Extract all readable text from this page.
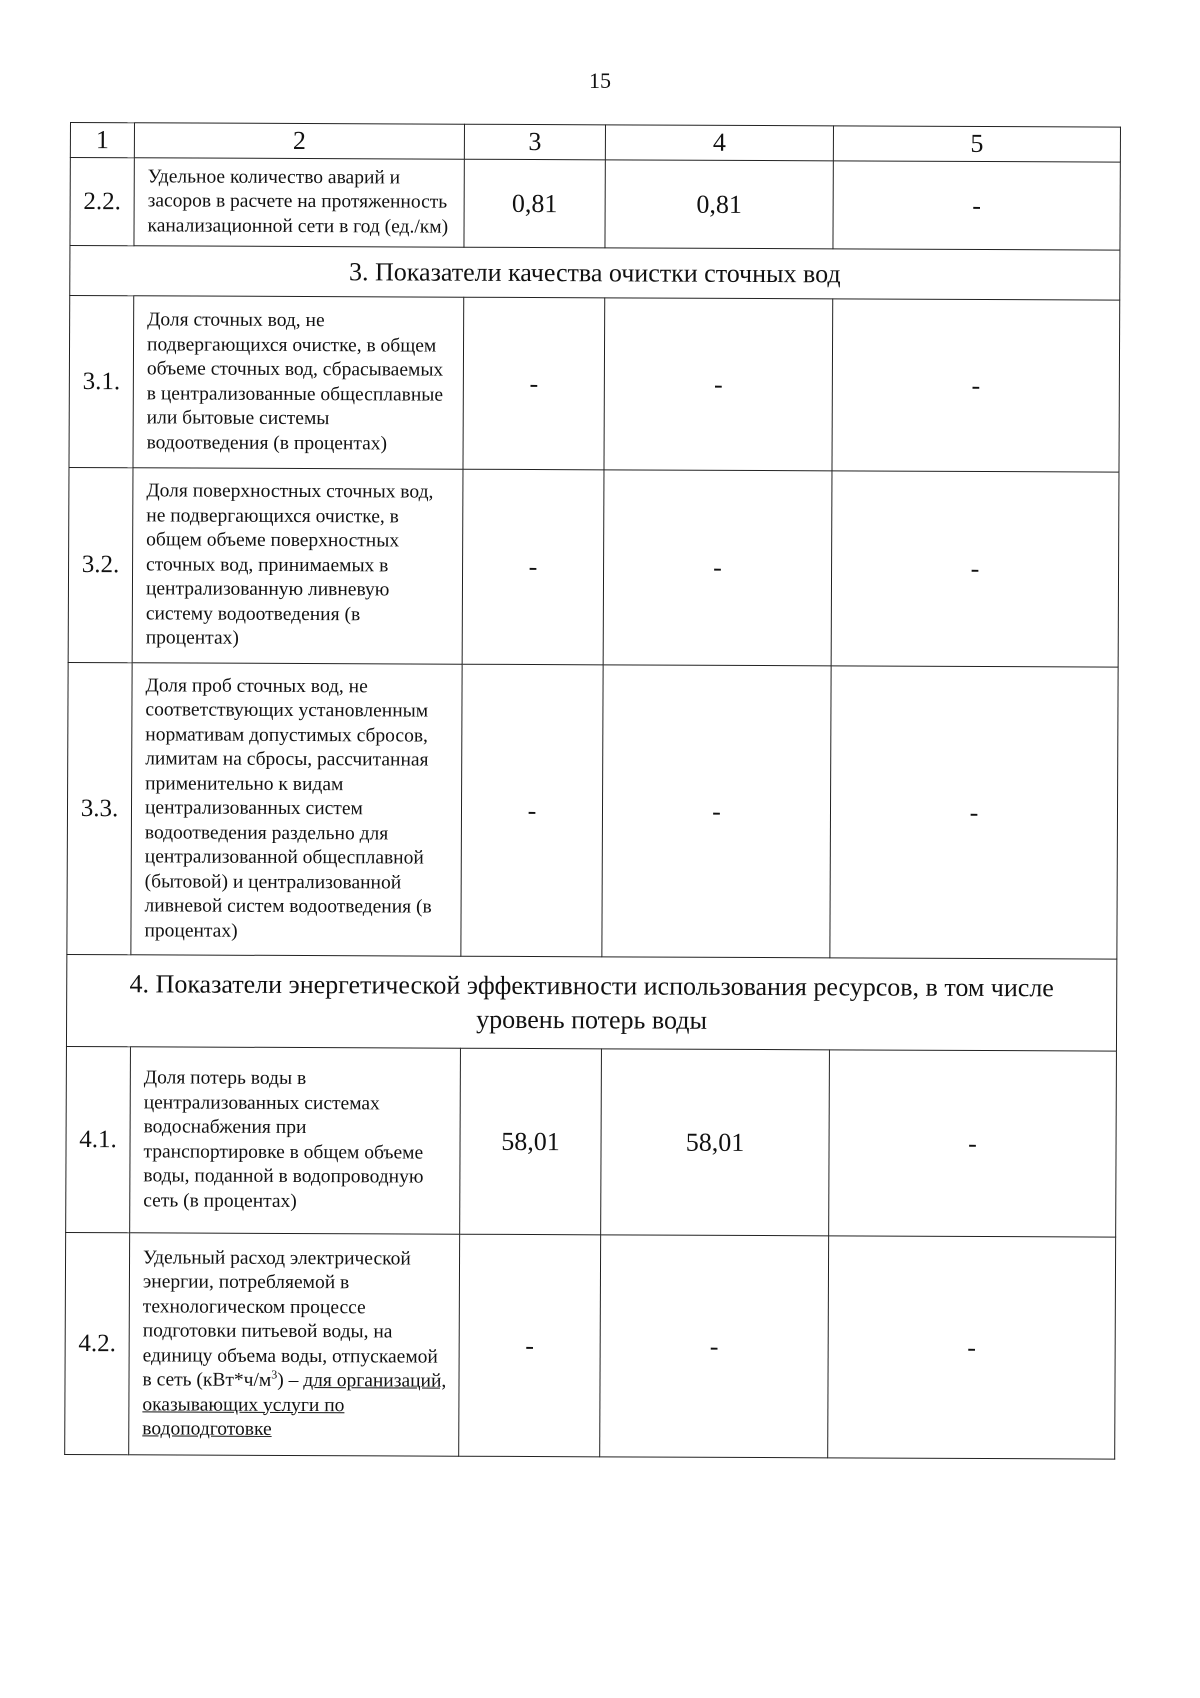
15
1	2	3	4	5
2.2.	Удельное количество аварий и засоров в расчете на протяженность канализационной сети в год (ед./км)	0,81	0,81	-
3. Показатели качества очистки сточных вод				
3.1.	Доля сточных вод, не подвергающихся очистке, в общем объеме сточных вод, сбрасываемых в централизованные общесплавные или бытовые системы водоотведения (в процентах)	-	-	-
3.2.	Доля поверхностных сточных вод, не подвергающихся очистке, в общем объеме поверхностных сточных вод, принимаемых в централизованную ливневую систему водоотведения (в процентах)	-	-	-
3.3.	Доля проб сточных вод, не соответствующих установленным нормативам допустимых сбросов, лимитам на сбросы, рассчитанная применительно к видам централизованных систем водоотведения раздельно для централизованной общесплавной (бытовой) и централизованной ливневой систем водоотведения (в процентах)	-	-	-
4. Показатели энергетической эффективности использования ресурсов, в том числе уровень потерь воды				
4.1.	Доля потерь воды в централизованных системах водоснабжения при транспортировке в общем объеме воды, поданной в водопроводную сеть (в процентах)	58,01	58,01	-
4.2.	Удельный расход электрической энергии, потребляемой в технологическом процессе подготовки питьевой воды, на единицу объема воды, отпускаемой в сеть $(кВт*ч/м^3)$ – для организаций, оказывающих услуги по водоподготовке	-	-	-
